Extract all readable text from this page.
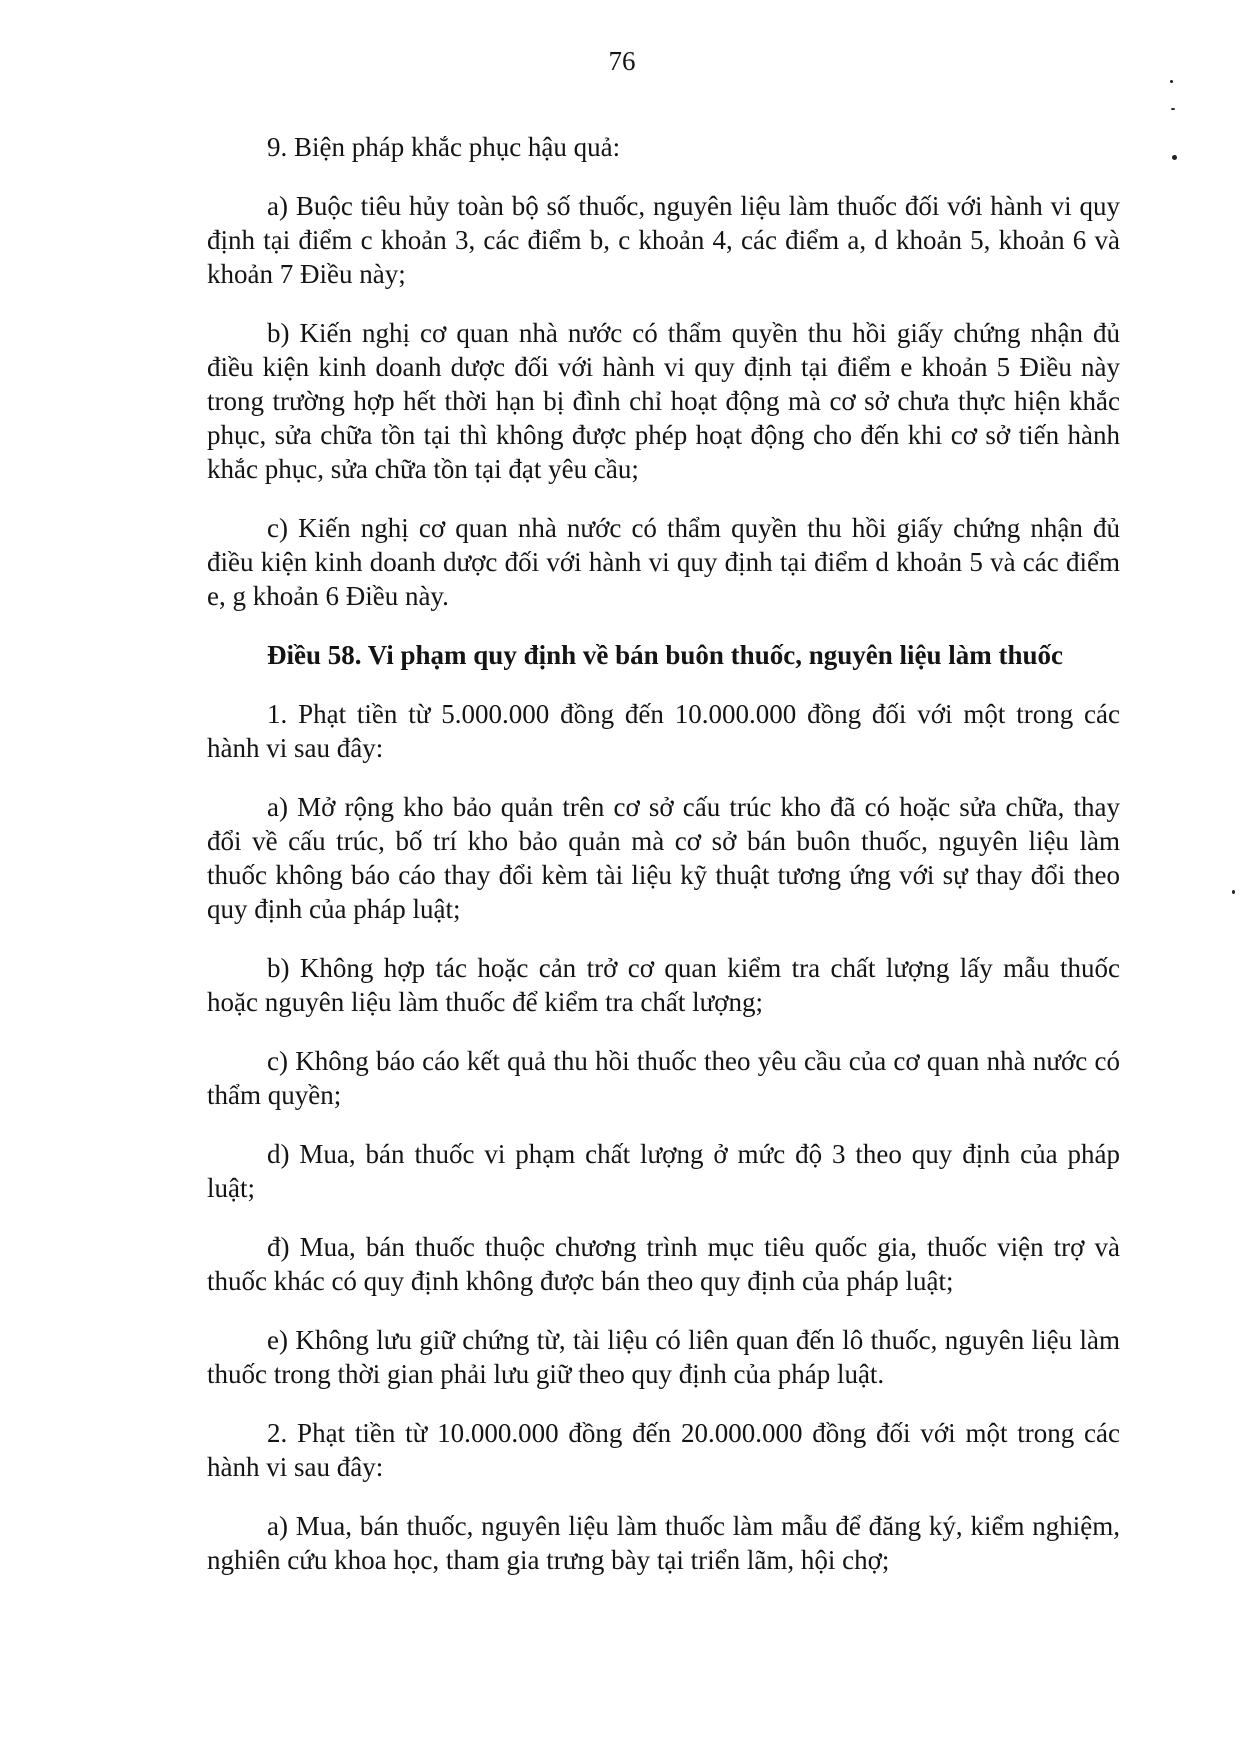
76

9. Biện pháp khắc phục hậu quả:

a) Buộc tiêu hủy toàn bộ số thuốc, nguyên liệu làm thuốc đối với hành vi quy định tại điểm c khoản 3, các điểm b, c khoản 4, các điểm a, d khoản 5, khoản 6 và khoản 7 Điều này;

b) Kiến nghị cơ quan nhà nước có thẩm quyền thu hồi giấy chứng nhận đủ điều kiện kinh doanh dược đối với hành vi quy định tại điểm e khoản 5 Điều này trong trường hợp hết thời hạn bị đình chỉ hoạt động mà cơ sở chưa thực hiện khắc phục, sửa chữa tồn tại thì không được phép hoạt động cho đến khi cơ sở tiến hành khắc phục, sửa chữa tồn tại đạt yêu cầu;

c) Kiến nghị cơ quan nhà nước có thẩm quyền thu hồi giấy chứng nhận đủ điều kiện kinh doanh dược đối với hành vi quy định tại điểm d khoản 5 và các điểm e, g khoản 6 Điều này.

Điều 58. Vi phạm quy định về bán buôn thuốc, nguyên liệu làm thuốc

1. Phạt tiền từ 5.000.000 đồng đến 10.000.000 đồng đối với một trong các hành vi sau đây:

a) Mở rộng kho bảo quản trên cơ sở cấu trúc kho đã có hoặc sửa chữa, thay đổi về cấu trúc, bố trí kho bảo quản mà cơ sở bán buôn thuốc, nguyên liệu làm thuốc không báo cáo thay đổi kèm tài liệu kỹ thuật tương ứng với sự thay đổi theo quy định của pháp luật;

b) Không hợp tác hoặc cản trở cơ quan kiểm tra chất lượng lấy mẫu thuốc hoặc nguyên liệu làm thuốc để kiểm tra chất lượng;

c) Không báo cáo kết quả thu hồi thuốc theo yêu cầu của cơ quan nhà nước có thẩm quyền;

d) Mua, bán thuốc vi phạm chất lượng ở mức độ 3 theo quy định của pháp luật;

đ) Mua, bán thuốc thuộc chương trình mục tiêu quốc gia, thuốc viện trợ và thuốc khác có quy định không được bán theo quy định của pháp luật;

e) Không lưu giữ chứng từ, tài liệu có liên quan đến lô thuốc, nguyên liệu làm thuốc trong thời gian phải lưu giữ theo quy định của pháp luật.

2. Phạt tiền từ 10.000.000 đồng đến 20.000.000 đồng đối với một trong các hành vi sau đây:

a) Mua, bán thuốc, nguyên liệu làm thuốc làm mẫu để đăng ký, kiểm nghiệm, nghiên cứu khoa học, tham gia trưng bày tại triển lãm, hội chợ;
